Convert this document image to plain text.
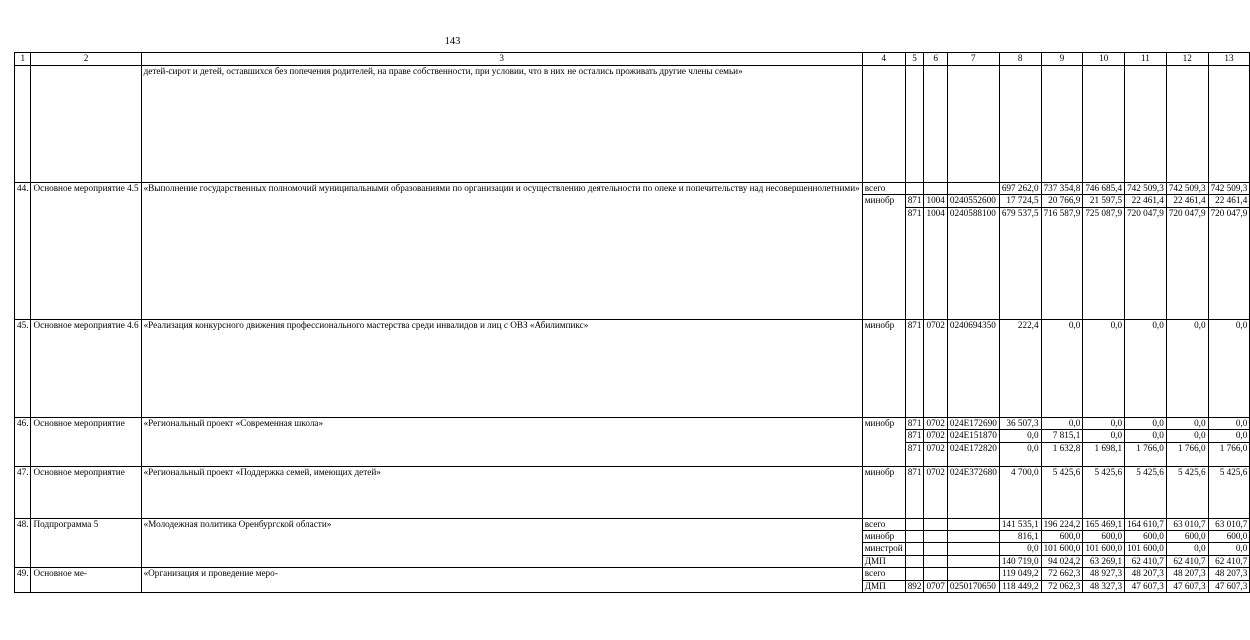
143
1	2	3	4	5	6	7	8	9	10	11	12	13
		детей-сирот и детей, оставшихся без попечения родителей, на праве собственности, при условии, что в них не остались проживать другие члены семьи»										
44.	Основное мероприятие 4.5	«Выполнение государственных полномочий муниципальными образованиями по организации и осуществлению деятельности по опеке и попечительству над несовершеннолетними»	всего				697 262,0	737 354,8	746 685,4	742 509,3	742 509,3	742 509,3
			минобр	871	1004	0240552600	17 724,5	20 766,9	21 597,5	22 461,4	22 461,4	22 461,4
				871	1004	0240588100	679 537,5	716 587,9	725 087,9	720 047,9	720 047,9	720 047,9
45.	Основное мероприятие 4.6	«Реализация конкурсного движения профессионального мастерства среди инвалидов и лиц с ОВЗ «Абилимпикс»	минобр	871	0702	0240694350	222,4	0,0	0,0	0,0	0,0	0,0
46.	Основное мероприятие	«Региональный проект «Современная школа»	минобр	871	0702	024E172690	36 507,3	0,0	0,0	0,0	0,0	0,0
				871	0702	024E151870	0,0	7 815,1	0,0	0,0	0,0	0,0
				871	0702	024E172820	0,0	1 632,8	1 698,1	1 766,0	1 766,0	1 766,0
47.	Основное мероприятие	«Региональный проект «Поддержка семей, имеющих детей»	минобр	871	0702	024E372680	4 700,0	5 425,6	5 425,6	5 425,6	5 425,6	5 425,6
48.	Подпрограмма 5	«Молодежная политика Оренбургской области»	всего				141 535,1	196 224,2	165 469,1	164 610,7	63 010,7	63 010,7
			минобр				816,1	600,0	600,0	600,0	600,0	600,0
			минстрой				0,0	101 600,0	101 600,0	101 600,0	0,0	0,0
			ДМП				140 719,0	94 024,2	63 269,1	62 410,7	62 410,7	62 410,7
49.	Основное ме-	«Организация и проведение меро-	всего				119 049,2	72 662,3	48 927,3	48 207,3	48 207,3	48 207,3
			ДМП	892	0707	0250170650	118 449,2	72 062,3	48 327,3	47 607,3	47 607,3	47 607,3
